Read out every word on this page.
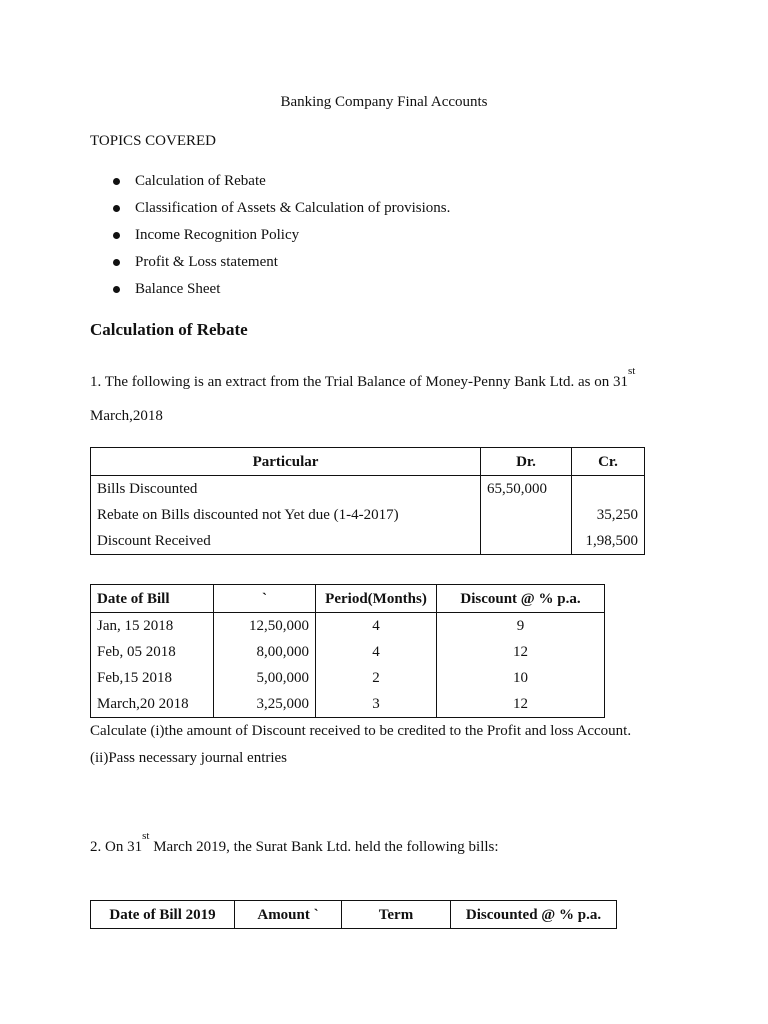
Banking Company Final Accounts
TOPICS COVERED
Calculation of Rebate
Classification of Assets & Calculation of provisions.
Income Recognition Policy
Profit & Loss statement
Balance Sheet
Calculation of Rebate
1. The following is an extract from the Trial Balance of Money-Penny Bank Ltd. as on 31st
March,2018
Particular	Dr.	Cr.
Bills Discounted	65,50,000	
Rebate on Bills discounted not Yet due (1-4-2017)		35,250
Discount Received		1,98,500
Date of Bill	`	Period(Months)	Discount @ % p.a.
Jan, 15 2018	12,50,000	4	9
Feb, 05 2018	8,00,000	4	12
Feb,15 2018	5,00,000	2	10
March,20 2018	3,25,000	3	12
Calculate (i)the amount of Discount received to be credited to the Profit and loss Account.
(ii)Pass necessary journal entries
2. On 31st March 2019, the Surat Bank Ltd. held the following bills:
Date of Bill 2019	Amount `	Term	Discounted @ % p.a.
